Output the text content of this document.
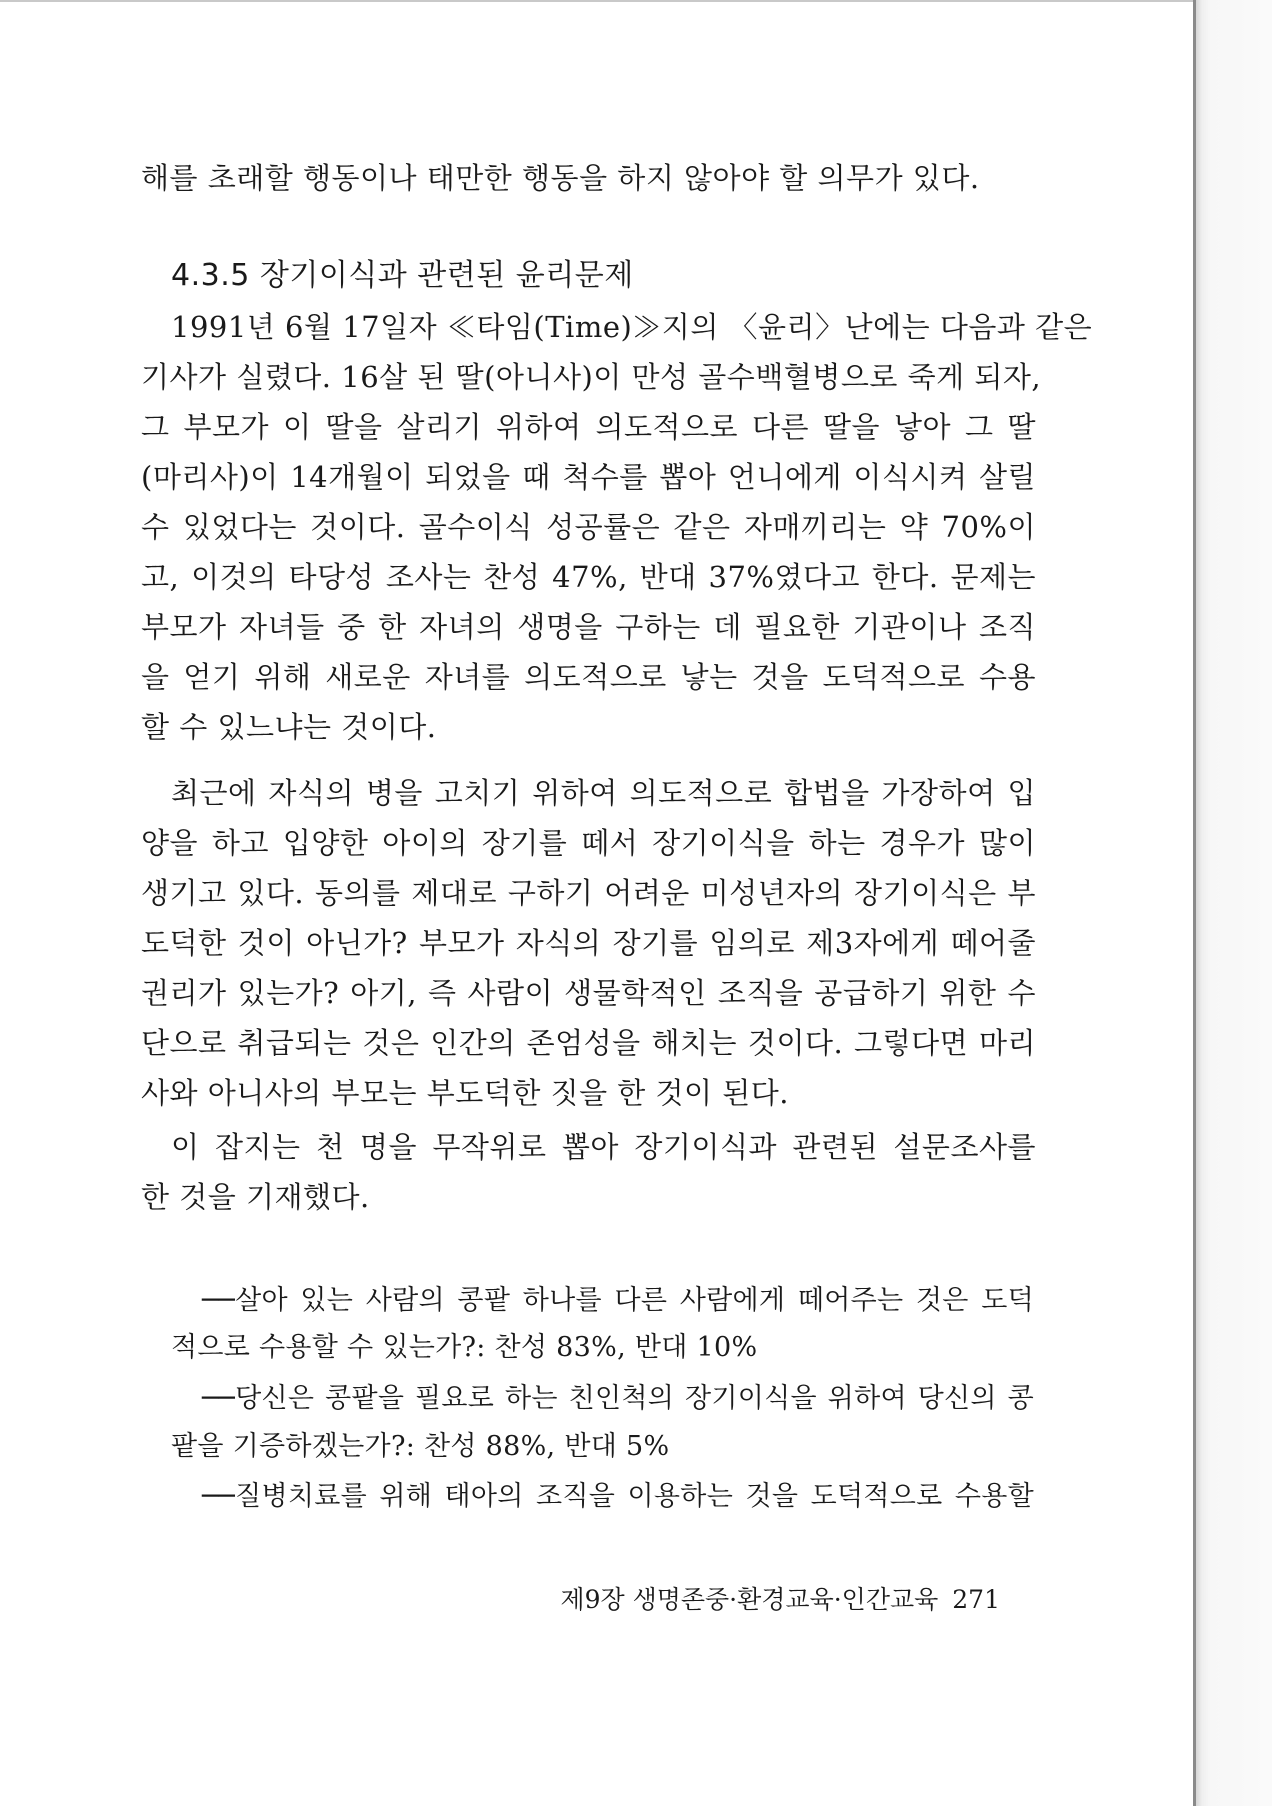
해를 초래할 행동이나 태만한 행동을 하지 않아야 할 의무가 있다.
4.3.5 장기이식과 관련된 윤리문제
1991년 6월 17일자 ≪타임(Time)≫지의 〈윤리〉난에는 다음과 같은
기사가 실렸다. 16살 된 딸(아니사)이 만성 골수백혈병으로 죽게 되자,
그 부모가 이 딸을 살리기 위하여 의도적으로 다른 딸을 낳아 그 딸
(마리사)이 14개월이 되었을 때 척수를 뽑아 언니에게 이식시켜 살릴
수 있었다는 것이다. 골수이식 성공률은 같은 자매끼리는 약 70%이
고, 이것의 타당성 조사는 찬성 47%, 반대 37%였다고 한다. 문제는
부모가 자녀들 중 한 자녀의 생명을 구하는 데 필요한 기관이나 조직
을 얻기 위해 새로운 자녀를 의도적으로 낳는 것을 도덕적으로 수용
할 수 있느냐는 것이다.
최근에 자식의 병을 고치기 위하여 의도적으로 합법을 가장하여 입
양을 하고 입양한 아이의 장기를 떼서 장기이식을 하는 경우가 많이
생기고 있다. 동의를 제대로 구하기 어려운 미성년자의 장기이식은 부
도덕한 것이 아닌가? 부모가 자식의 장기를 임의로 제3자에게 떼어줄
권리가 있는가? 아기, 즉 사람이 생물학적인 조직을 공급하기 위한 수
단으로 취급되는 것은 인간의 존엄성을 해치는 것이다. 그렇다면 마리
사와 아니사의 부모는 부도덕한 짓을 한 것이 된다.
이 잡지는 천 명을 무작위로 뽑아 장기이식과 관련된 설문조사를
한 것을 기재했다.
──살아 있는 사람의 콩팥 하나를 다른 사람에게 떼어주는 것은 도덕
적으로 수용할 수 있는가?: 찬성 83%, 반대 10%
──당신은 콩팥을 필요로 하는 친인척의 장기이식을 위하여 당신의 콩
팥을 기증하겠는가?: 찬성 88%, 반대 5%
──질병치료를 위해 태아의 조직을 이용하는 것을 도덕적으로 수용할
제9장 생명존중·환경교육·인간교육 271
